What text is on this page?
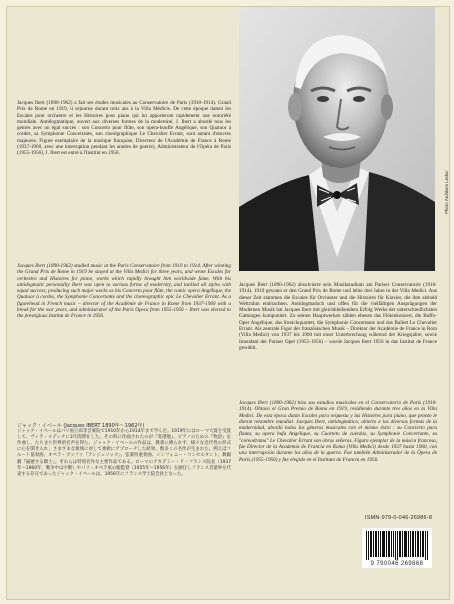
Jacques Ibert (1890-1962) a fait ses études musicales au Conservatoire de Paris (1910-1914). Grand Prix de Rome en 1919, il séjourne durant trois ans à la Villa Médicis. De cette époque datent les Escales pour orchestre et les Histoires pour piano qui lui apporteront rapidement une notoriété mondiale. Antidogmatique, ouvert aux diverses formes de la modernité, J. Ibert a abordé tous les genres avec un égal succès : son Concerto pour flûte, son opéra-bouffe Angélique, son Quatuor à cordes, sa Symphonie Concertante, son chorégraphique Le Chevalier Errant, sont autant d'œuvres majeures. Figure exemplaire de la musique française, Directeur de l'Académie de France à Rome (1937-1960, avec une interruption pendant les années de guerre), Administrateur de l'Opéra de Paris (1955-1956), J. Ibert est entré à l'Institut en 1956.

Jacques Ibert (1890-1962) studied music at the Paris Conservatoire from 1910 to 1914. After winning the Grand Prix de Rome in 1919 he stayed at the Villa Medici for three years, and wrote Escales for orchestra and Histoires for piano, works which rapidly brought him worldwide fame. With his antidogmatic personality Ibert was open to various forms of modernity, and tackled all styles with equal success, producing such major works as his Concerto pour flûte, the comic opera Angélique, the Quatuor à cordes, the Symphonie Concertante and the choreographic epic Le Chevalier Errant. As a figurehead in French music – director of the Académie de France in Rome from 1937-1960 with a break for the war years, and administrator of the Paris Opera from 1955-1956 – Ibert was elected to the prestigious Institut de France in 1956.

ジャック・イベール (Jacques IBERT 1890年〜1962年)

ジャック・イベールはパリ国立高等音楽院で1910年から1914年まで学んだ。1919年にはローマ大賞を受賞して、ヴィラ・メディチに3年間滞在した。その時に作曲されたのが『寄港地』、ピアノのための『物語』を作曲し、たちまち世界的名声を得た。ジャック・イベールの作品は、教義に縛られず、様々な近代性の形式に心を開き入れ、さまざまな領域に対して柔軟にアプローチした結果、数多くの名作が生まれた。例えばフルート協奏曲、オペラ・ブッファ『アンジェリック』、弦楽四重奏曲、シンフォニー・コンセルタント、舞踊劇『遍歴する騎士』。それらは特別名作な主要作品である。ローマのアカデミー・ド・フランス院長（1937年〜1960年、戦争中は中断）やパリ・オペラ座の総監督（1955年〜1956年）を歴任しフランス音楽界を代表する存在であったジャック・イベールは、1956年にフランス学士院会員となった。

Photo Archives Leduc

Jacques Ibert (1890-1962) absolvierte sein Musikstudium am Pariser Conservatoire (1910-1914). 1919 gewann er den Grand Prix de Rome und lebte drei Jahre in der Villa Medici. Aus dieser Zeit stammen die Escales für Orchester und die Histoires für Klavier, die ihm alsbald Weltruhm einbrachten. Antidogmatisch und offen für die vielfältigen Ausprägungen der Modernen Musik hat Jacques Ibert mit gleichbleibendem Erfolg Werke der unterschiedlichsten Gattungen komponiert. Zu seinen Hauptwerken zählen ebenso das Flötenkonzert, die Buffo-Oper Angélique, das Streichquartett, die Symphonie Concertante und das Ballett Le Chevalier Errant. Als zentrale Figur der französischen Musik – Direktor der Académie de France in Rom (Villa Medici) von 1937 bis 1960 mit einer Unterbrechung während der Kriegsjahre, sowie Intendant der Pariser Oper (1955-1956) – wurde Jacques Ibert 1956 in das Institut de France gewählt.

Jacques Ibert (1890-1962) hizo sus estudios musicales en el Conservatorio de París (1910-1914). Obtuvo el Gran Premio de Roma en 1919, residiendo durante tres años en la Villa Medici. De esta época datan Escales para orquesta y las Histoires para piano, que pronto le dieron renombre mundial. Jacques Ibert, antidogmático, abierto a las diversas formas de la modernidad, abordó todos los géneros musicales con el mismo éxito : su Concierto para flauta, su opera bufa Angélique, su Cuarteto de cuerdas, su Symphonie Concertante, su "coreodrama" Le Chevalier Errant son obras señeras. Figura ejemplar de la música francesa, fue Director de la Academia de Francia en Roma (Villa Medici) desde 1937 hasta 1960, con una interrupción durante los años de la guerra. Fue también Administrador de la Ópera de París (1955-1956) y fue elegido en el Instituto de Francia en 1956.

ISMN-979-0-046-26986-8
9 790046 269868
